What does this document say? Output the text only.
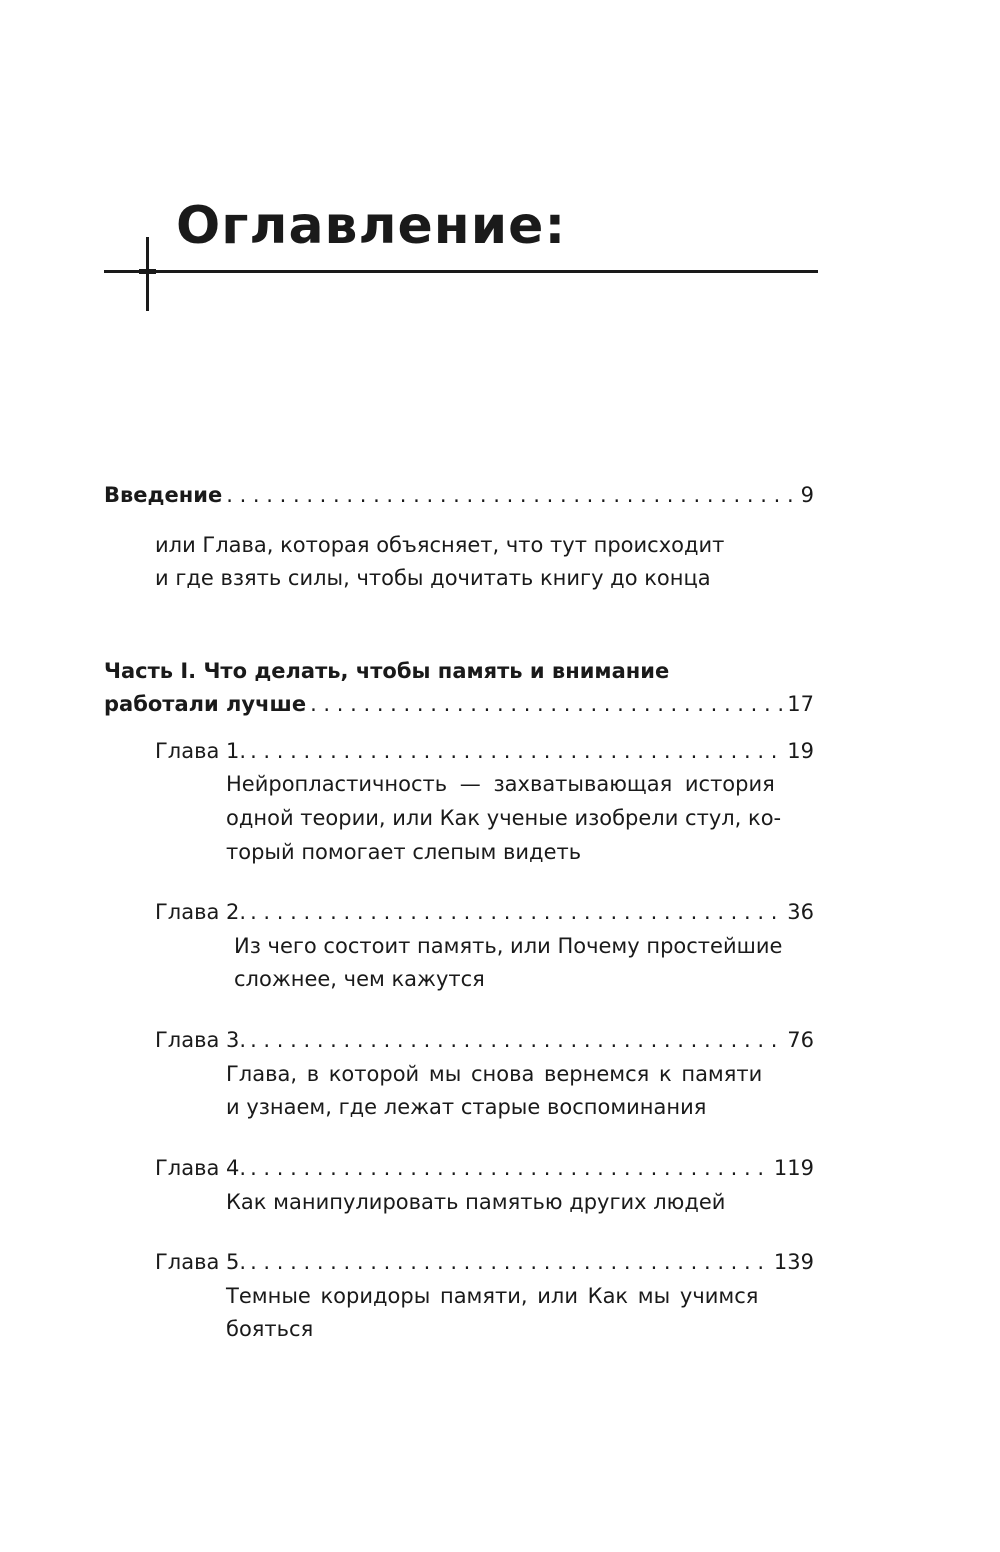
Оглавление:
Введение . . .	9
или Глава, которая объясняет, что тут происходит
и где взять силы, чтобы дочитать книгу до конца
Часть I. Что делать, чтобы память и внимание
работали лучше . . .	17
Глава 1. . . .	19
Нейропластичность — захватывающая история
одной теории, или Как ученые изобрели стул, ко-
торый помогает слепым видеть
Глава 2. . . .	36
Из чего состоит память, или Почему простейшие
сложнее, чем кажутся
Глава 3. . . .	76
Глава, в которой мы снова вернемся к памяти
и узнаем, где лежат старые воспоминания
Глава 4. . . .	119
Как манипулировать памятью других людей
Глава 5. . . .	139
Темные коридоры памяти, или Как мы учимся
бояться
